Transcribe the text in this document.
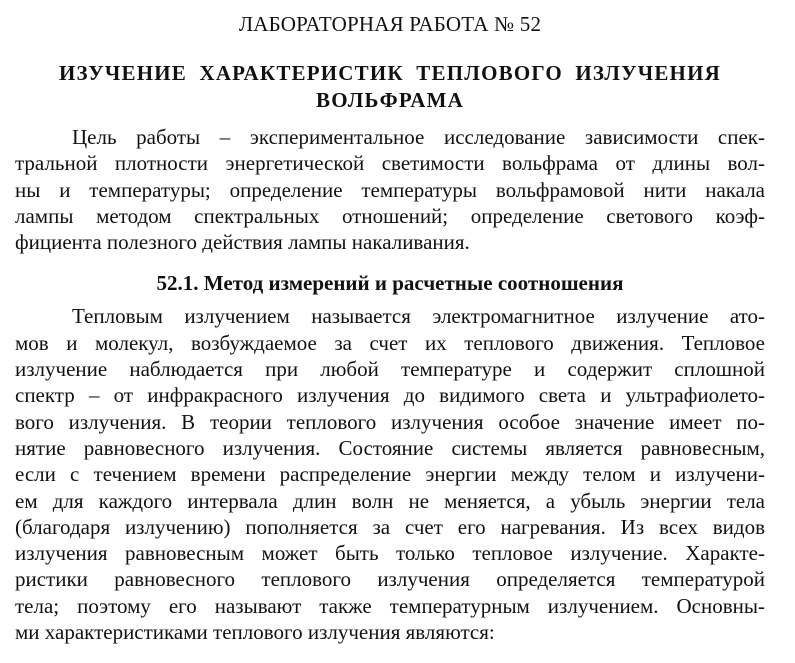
ЛАБОРАТОРНАЯ РАБОТА № 52

ИЗУЧЕНИЕ ХАРАКТЕРИСТИК ТЕПЛОВОГО ИЗЛУЧЕНИЯ
ВОЛЬФРАМА

Цель работы – экспериментальное исследование зависимости спек-

тральной плотности энергетической светимости вольфрама от длины вол-

ны и температуры; определение температуры вольфрамовой нити накала

лампы методом спектральных отношений; определение светового коэф-

фициента полезного действия лампы накаливания.

52.1. Метод измерений и расчетные соотношения

Тепловым излучением называется электромагнитное излучение ато-

мов и молекул, возбуждаемое за счет их теплового движения. Тепловое

излучение наблюдается при любой температуре и содержит сплошной

спектр – от инфракрасного излучения до видимого света и ультрафиолето-

вого излучения. В теории теплового излучения особое значение имеет по-

нятие равновесного излучения. Состояние системы является равновесным,

если с течением времени распределение энергии между телом и излучени-

ем для каждого интервала длин волн не меняется, а убыль энергии тела

(благодаря излучению) пополняется за счет его нагревания. Из всех видов

излучения равновесным может быть только тепловое излучение. Характе-

ристики равновесного теплового излучения определяется температурой

тела; поэтому его называют также температурным излучением. Основны-

ми характеристиками теплового излучения являются:
